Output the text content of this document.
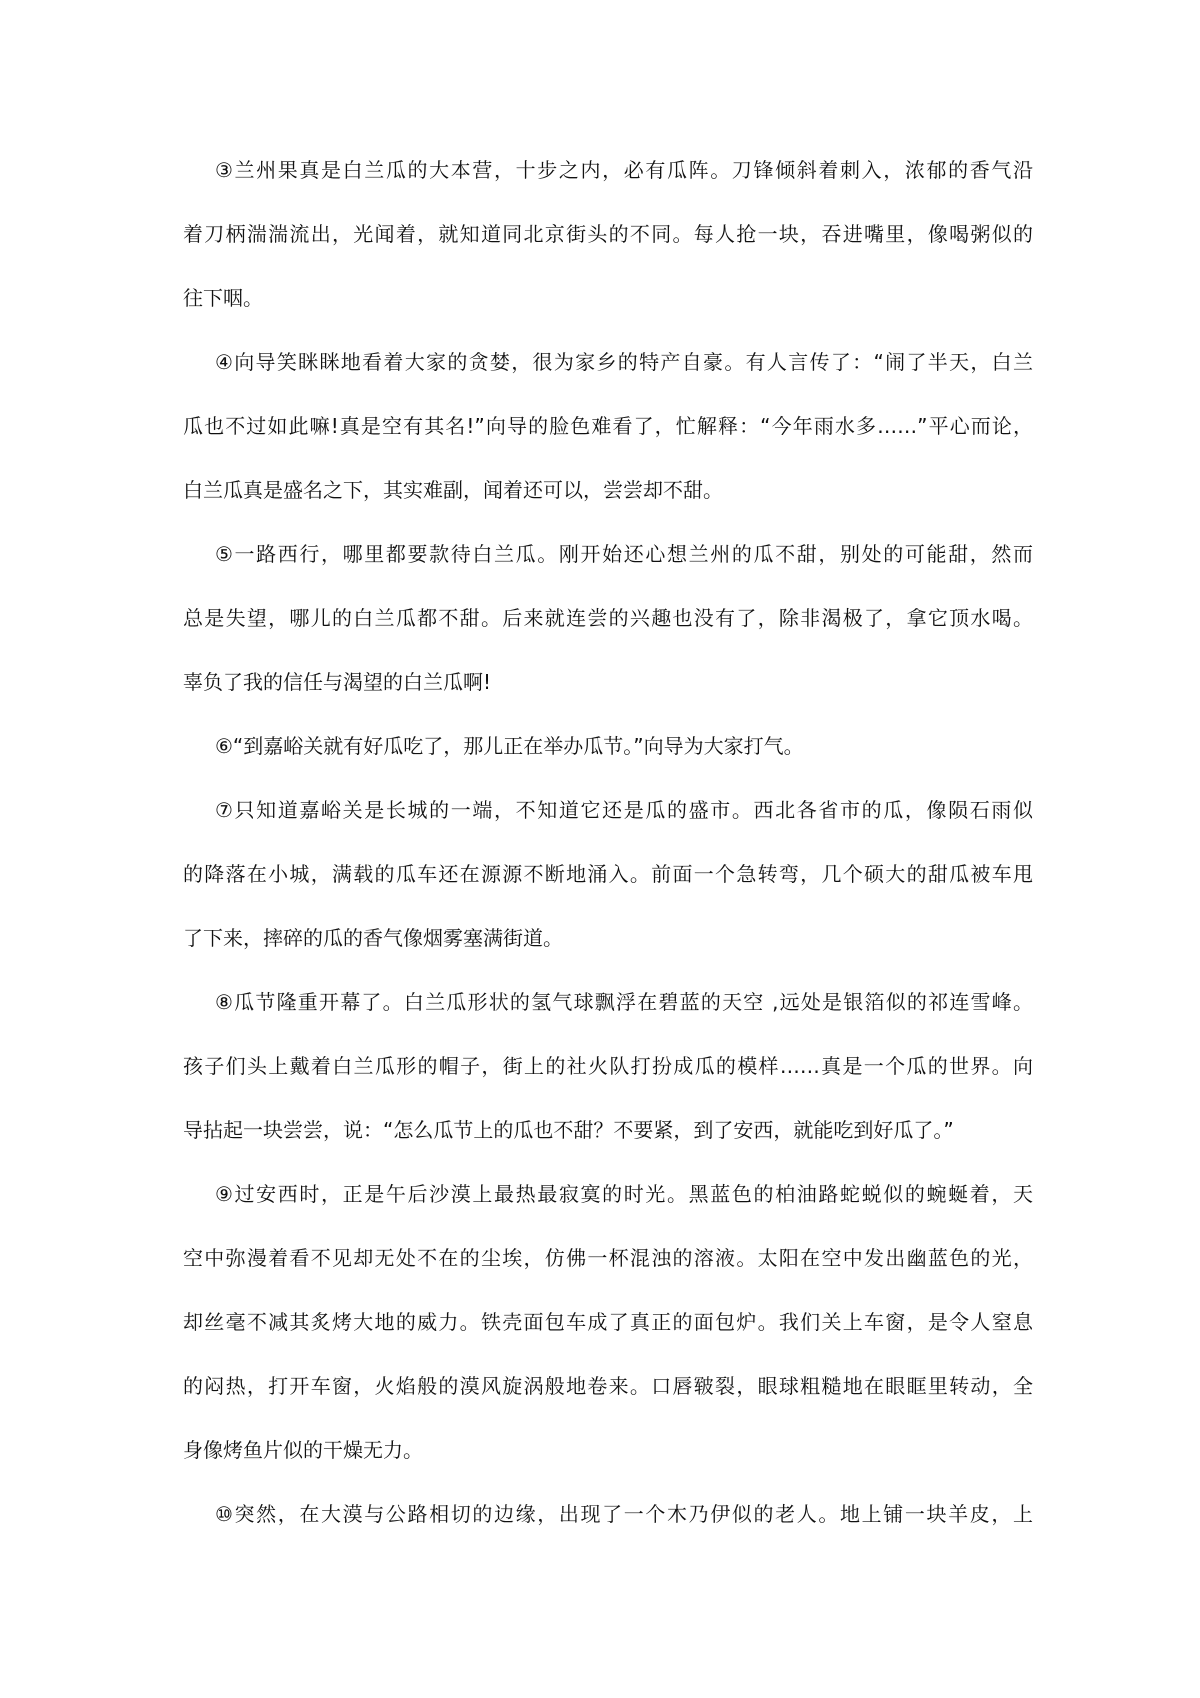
③兰州果真是白兰瓜的大本营，十步之内，必有瓜阵。刀锋倾斜着刺入，浓郁的香气沿
着刀柄湍湍流出，光闻着，就知道同北京街头的不同。每人抢一块，吞进嘴里，像喝粥似的
往下咽。
④向导笑眯眯地看着大家的贪婪，很为家乡的特产自豪。有人言传了：“闹了半天，白兰
瓜也不过如此嘛!真是空有其名!”向导的脸色难看了，忙解释：“今年雨水多……”平心而论，
白兰瓜真是盛名之下，其实难副，闻着还可以，尝尝却不甜。
⑤一路西行，哪里都要款待白兰瓜。刚开始还心想兰州的瓜不甜，别处的可能甜，然而
总是失望，哪儿的白兰瓜都不甜。后来就连尝的兴趣也没有了，除非渴极了，拿它顶水喝。
辜负了我的信任与渴望的白兰瓜啊!
⑥“到嘉峪关就有好瓜吃了，那儿正在举办瓜节。”向导为大家打气。
⑦只知道嘉峪关是长城的一端，不知道它还是瓜的盛市。西北各省市的瓜，像陨石雨似
的降落在小城，满载的瓜车还在源源不断地涌入。前面一个急转弯，几个硕大的甜瓜被车甩
了下来，摔碎的瓜的香气像烟雾塞满街道。
⑧瓜节隆重开幕了。白兰瓜形状的氢气球飘浮在碧蓝的天空 ,远处是银箔似的祁连雪峰。
孩子们头上戴着白兰瓜形的帽子，街上的社火队打扮成瓜的模样……真是一个瓜的世界。向
导拈起一块尝尝，说：“怎么瓜节上的瓜也不甜？不要紧，到了安西，就能吃到好瓜了。”
⑨过安西时，正是午后沙漠上最热最寂寞的时光。黑蓝色的柏油路蛇蜕似的蜿蜒着，天
空中弥漫着看不见却无处不在的尘埃，仿佛一杯混浊的溶液。太阳在空中发出幽蓝色的光，
却丝毫不减其炙烤大地的威力。铁壳面包车成了真正的面包炉。我们关上车窗，是令人窒息
的闷热，打开车窗，火焰般的漠风旋涡般地卷来。口唇皲裂，眼球粗糙地在眼眶里转动，全
身像烤鱼片似的干燥无力。
⑩突然，在大漠与公路相切的边缘，出现了一个木乃伊似的老人。地上铺一块羊皮，上
